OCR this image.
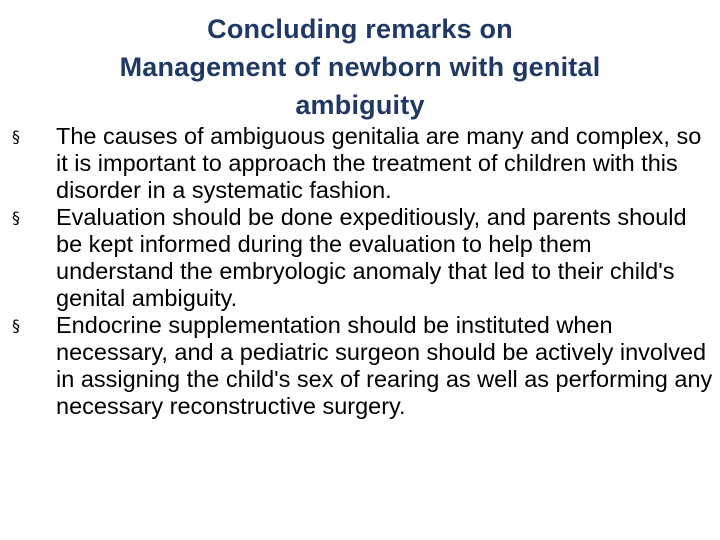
Concluding remarks on
Management of newborn with genital
ambiguity
§ The causes of ambiguous genitalia are many and complex, so it is important to approach the treatment of children with this disorder in a systematic fashion.
§ Evaluation should be done expeditiously, and parents should be kept informed during the evaluation to help them understand the embryologic anomaly that led to their child's genital ambiguity.
§ Endocrine supplementation should be instituted when necessary, and a pediatric surgeon should be actively involved in assigning the child's sex of rearing as well as performing any necessary reconstructive surgery.
